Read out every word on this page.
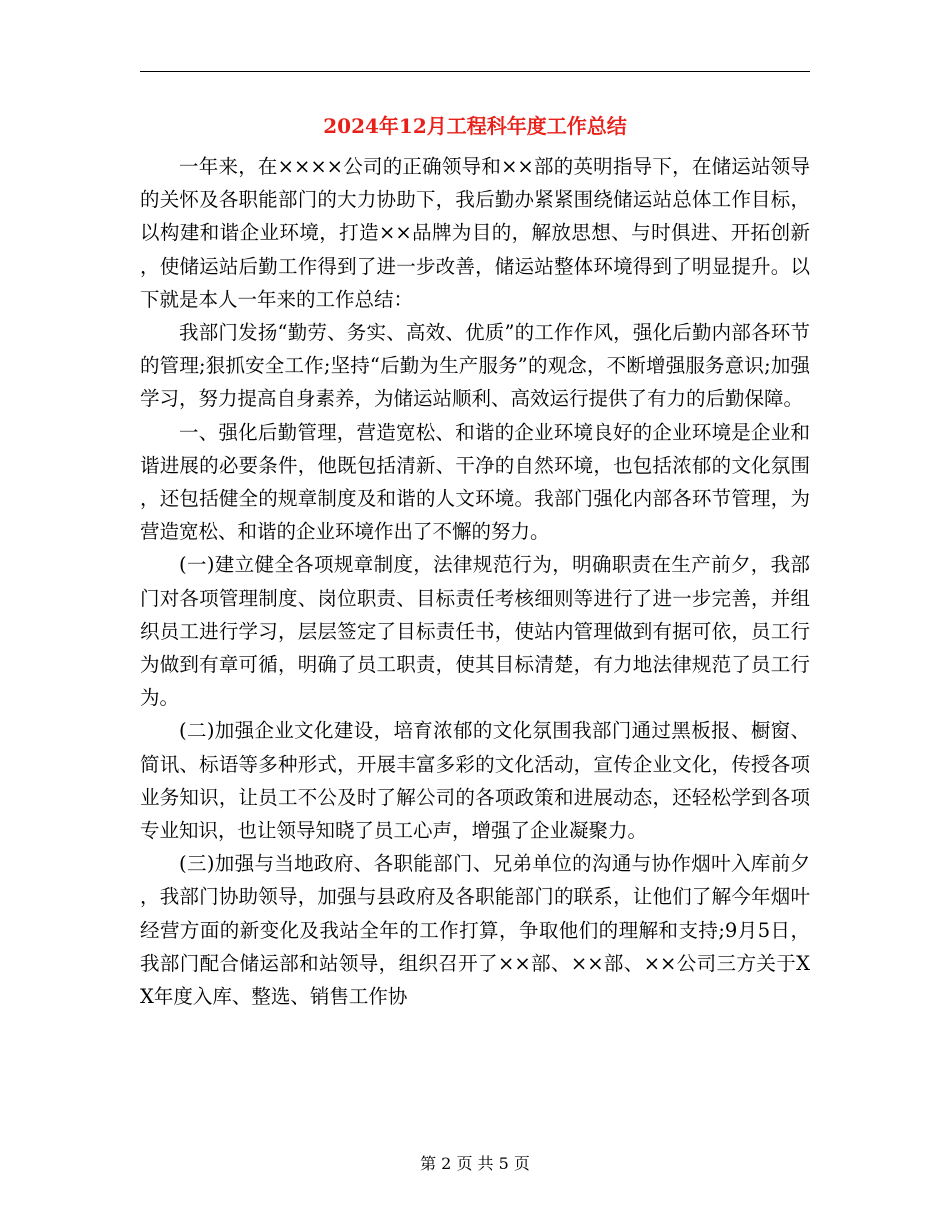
2024年12月工程科年度工作总结

一年来，在××××公司的正确领导和××部的英明指导下，在储运站领导的关怀及各职能部门的大力协助下，我后勤办紧紧围绕储运站总体工作目标，以构建和谐企业环境，打造××品牌为目的，解放思想、与时俱进、开拓创新，使储运站后勤工作得到了进一步改善，储运站整体环境得到了明显提升。以下就是本人一年来的工作总结：

我部门发扬“勤劳、务实、高效、优质”的工作作风，强化后勤内部各环节的管理;狠抓安全工作;坚持“后勤为生产服务”的观念，不断增强服务意识;加强学习，努力提高自身素养，为储运站顺利、高效运行提供了有力的后勤保障。

一、强化后勤管理，营造宽松、和谐的企业环境良好的企业环境是企业和谐进展的必要条件，他既包括清新、干净的自然环境，也包括浓郁的文化氛围，还包括健全的规章制度及和谐的人文环境。我部门强化内部各环节管理，为营造宽松、和谐的企业环境作出了不懈的努力。

(一)建立健全各项规章制度，法律规范行为，明确职责在生产前夕，我部门对各项管理制度、岗位职责、目标责任考核细则等进行了进一步完善，并组织员工进行学习，层层签定了目标责任书，使站内管理做到有据可依，员工行为做到有章可循，明确了员工职责，使其目标清楚，有力地法律规范了员工行为。

(二)加强企业文化建设，培育浓郁的文化氛围我部门通过黑板报、橱窗、简讯、标语等多种形式，开展丰富多彩的文化活动，宣传企业文化，传授各项业务知识，让员工不公及时了解公司的各项政策和进展动态，还轻松学到各项专业知识，也让领导知晓了员工心声，增强了企业凝聚力。

(三)加强与当地政府、各职能部门、兄弟单位的沟通与协作烟叶入库前夕，我部门协助领导，加强与县政府及各职能部门的联系，让他们了解今年烟叶经营方面的新变化及我站全年的工作打算，争取他们的理解和支持;9月5日，我部门配合储运部和站领导，组织召开了××部、××部、××公司三方关于XX年度入库、整选、销售工作协

第 2 页 共 5 页
